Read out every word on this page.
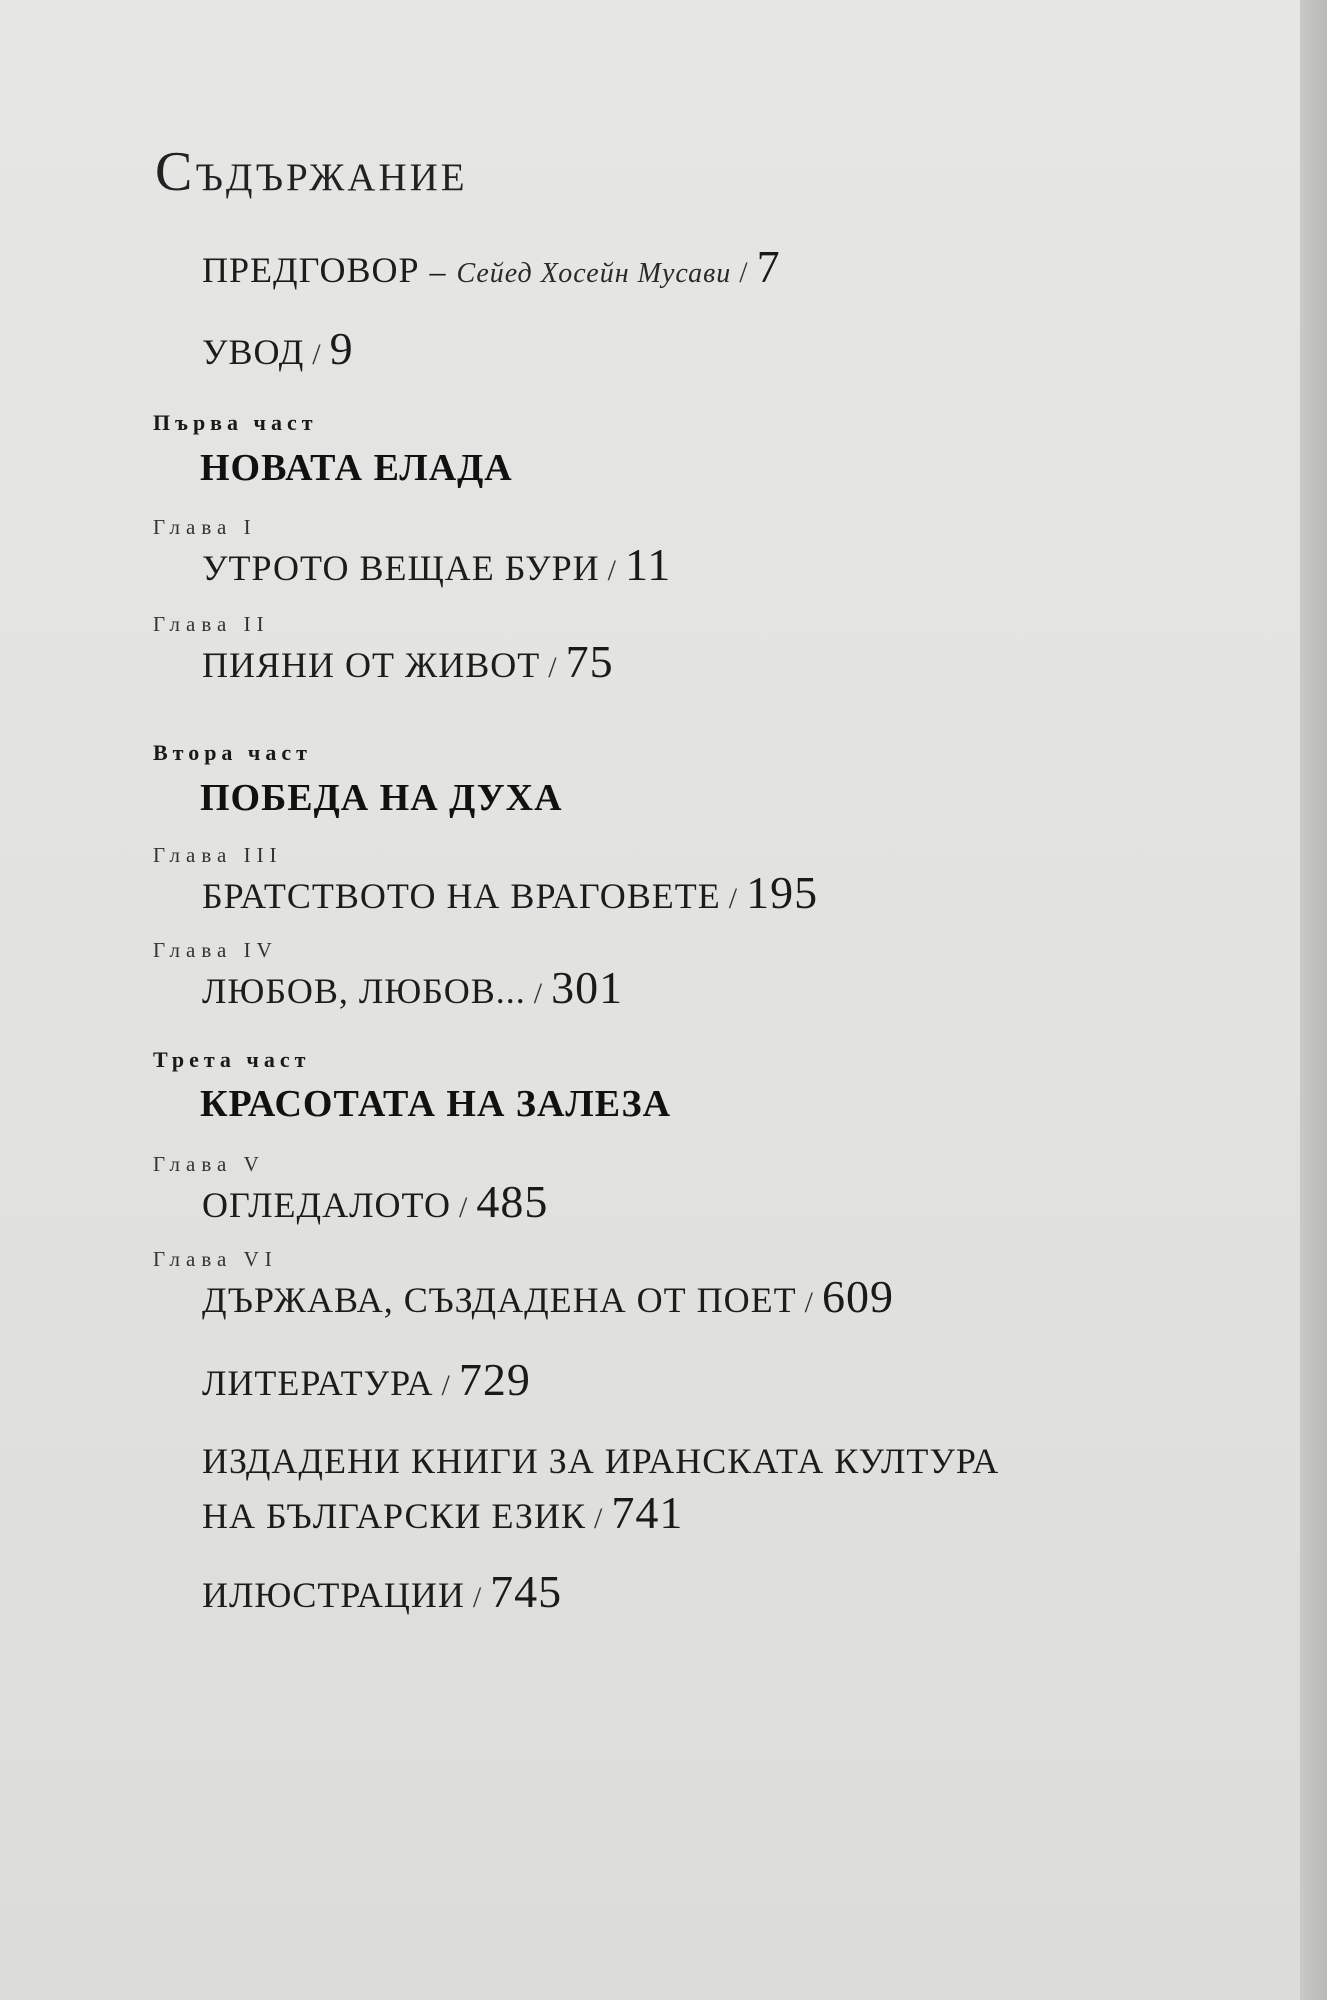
Съдържание
ПРЕДГОВОР – Сейед Хосейн Мусави / 7
УВОД / 9
Първа част
НОВАТА ЕЛАДА
Глава I
УТРОТО ВЕЩАЕ БУРИ / 11
Глава II
ПИЯНИ ОТ ЖИВОТ / 75
Втора част
ПОБЕДА НА ДУХА
Глава III
БРАТСТВОТО НА ВРАГОВЕТЕ / 195
Глава IV
ЛЮБОВ, ЛЮБОВ... / 301
Трета част
КРАСОТАТА НА ЗАЛЕЗА
Глава V
ОГЛЕДАЛОТО / 485
Глава VI
ДЪРЖАВА, СЪЗДАДЕНА ОТ ПОЕТ / 609
ЛИТЕРАТУРА / 729
ИЗДАДЕНИ КНИГИ ЗА ИРАНСКАТА КУЛТУРА
НА БЪЛГАРСКИ ЕЗИК / 741
ИЛЮСТРАЦИИ / 745
